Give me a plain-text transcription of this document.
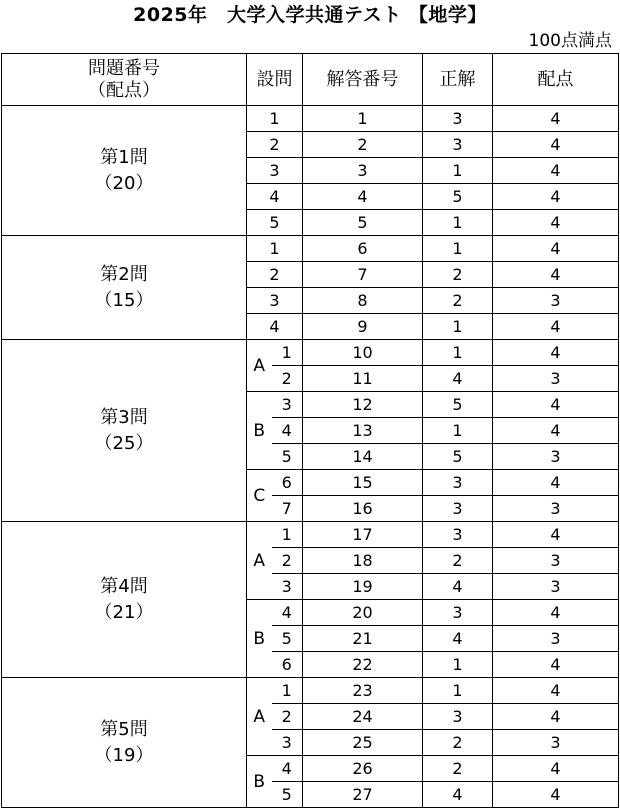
2025年　大学入学共通テスト 【地学】
100点満点
問題番号
（配点）	設問		解答番号	正解	配点

第1問
（20）	1		1	3	4
	2		2	3	4
	3		3	1	4
	4		4	5	4
	5		5	1	4

第2問
（15）	1		6	1	4
	2		7	2	4
	3		8	2	3
	4		9	1	4

第3問
（25）	A	1	10	1	4
		2	11	4	3
	B	3	12	5	4
		4	13	1	4
		5	14	5	3
	C	6	15	3	4
		7	16	3	3

第4問
（21）	A	1	17	3	4
		2	18	2	3
		3	19	4	3
	B	4	20	3	4
		5	21	4	3
		6	22	1	4

第5問
（19）	A	1	23	1	4
		2	24	3	4
		3	25	2	3
	B	4	26	2	4
		5	27	4	4
